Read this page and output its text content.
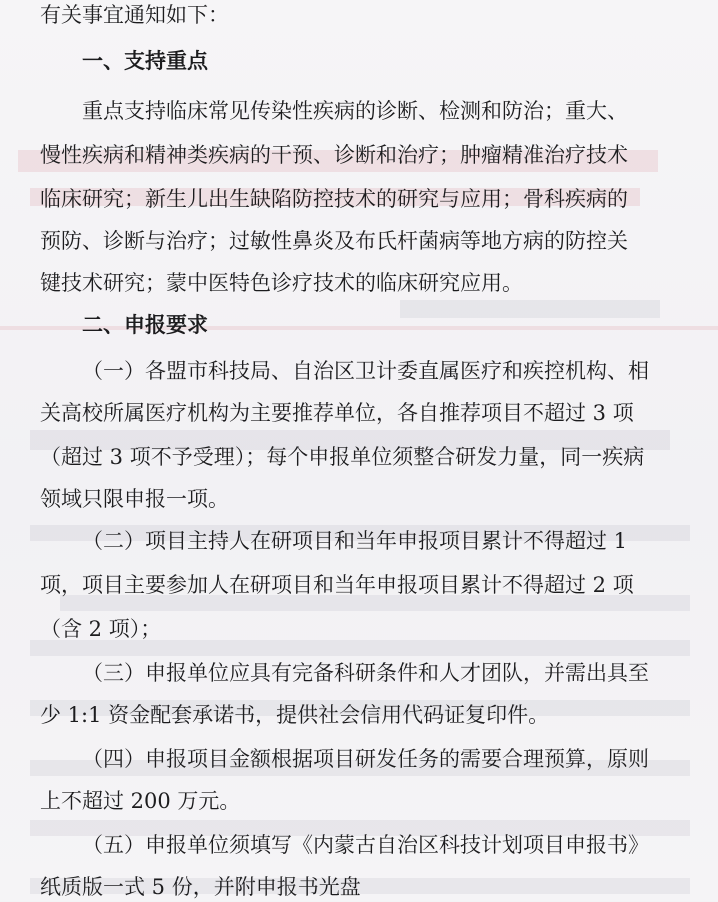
有关事宜通知如下：
一、支持重点
重点支持临床常见传染性疾病的诊断、检测和防治；重大、
慢性疾病和精神类疾病的干预、诊断和治疗；肿瘤精准治疗技术
临床研究；新生儿出生缺陷防控技术的研究与应用；骨科疾病的
预防、诊断与治疗；过敏性鼻炎及布氏杆菌病等地方病的防控关
键技术研究；蒙中医特色诊疗技术的临床研究应用。
二、申报要求
（一）各盟市科技局、自治区卫计委直属医疗和疾控机构、相
关高校所属医疗机构为主要推荐单位，各自推荐项目不超过 3 项
（超过 3 项不予受理）；每个申报单位须整合研发力量，同一疾病
领域只限申报一项。
（二）项目主持人在研项目和当年申报项目累计不得超过 1
项，项目主要参加人在研项目和当年申报项目累计不得超过 2 项
（含 2 项）；
（三）申报单位应具有完备科研条件和人才团队，并需出具至
少 1:1 资金配套承诺书，提供社会信用代码证复印件。
（四）申报项目金额根据项目研发任务的需要合理预算，原则
上不超过 200 万元。
（五）申报单位须填写《内蒙古自治区科技计划项目申报书》
纸质版一式 5 份，并附申报书光盘
